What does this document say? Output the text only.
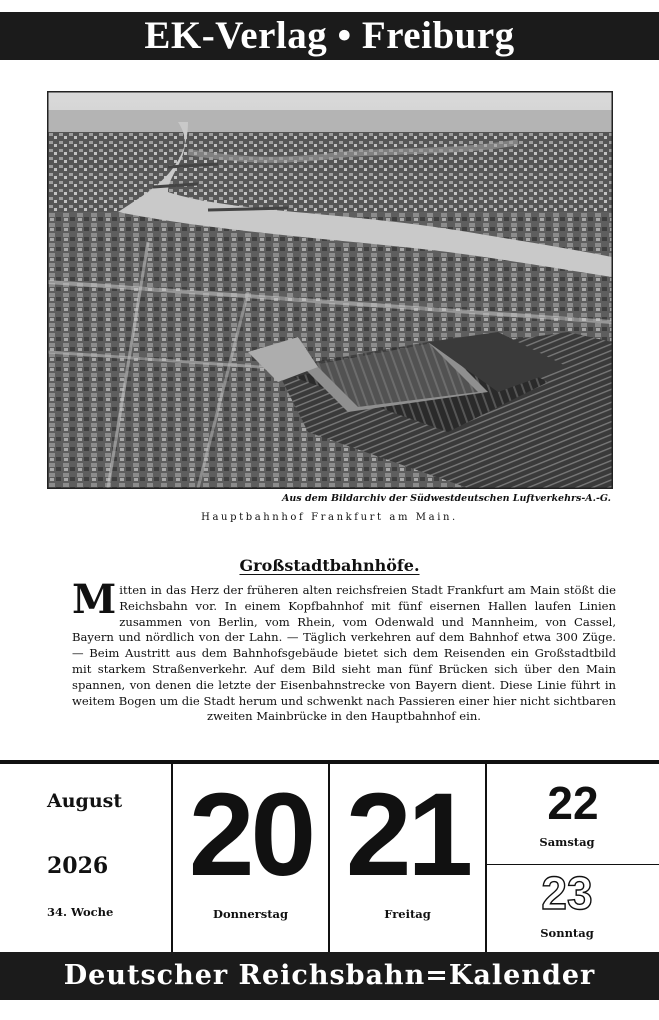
EK-Verlag • Freiburg
Aus dem Bildarchiv der Südwestdeutschen Luftverkehrs-A.-G.
Hauptbahnhof Frankfurt am Main.
Großstadtbahnhöfe.
Mitten in das Herz der früheren alten reichsfreien Stadt Frankfurt am Main stößt die Reichsbahn vor. In einem Kopfbahnhof mit fünf eisernen Hallen laufen Linien zusammen von Berlin, vom Rhein, vom Odenwald und Mannheim, von Cassel, Bayern und nördlich von der Lahn. — Täglich verkehren auf dem Bahnhof etwa 300 Züge. — Beim Austritt aus dem Bahnhofsgebäude bietet sich dem Reisenden ein Großstadtbild mit starkem Straßenverkehr. Auf dem Bild sieht man fünf Brücken sich über den Main spannen, von denen die letzte der Eisenbahnstrecke von Bayern dient. Diese Linie führt in weitem Bogen um die Stadt herum und schwenkt nach Passieren einer hier nicht sichtbaren zweiten Mainbrücke in den Hauptbahnhof ein.
August
2026
34. Woche
20
Donnerstag
21
Freitag
22
Samstag
23
Sonntag
Deutscher Reichsbahn=Kalender
